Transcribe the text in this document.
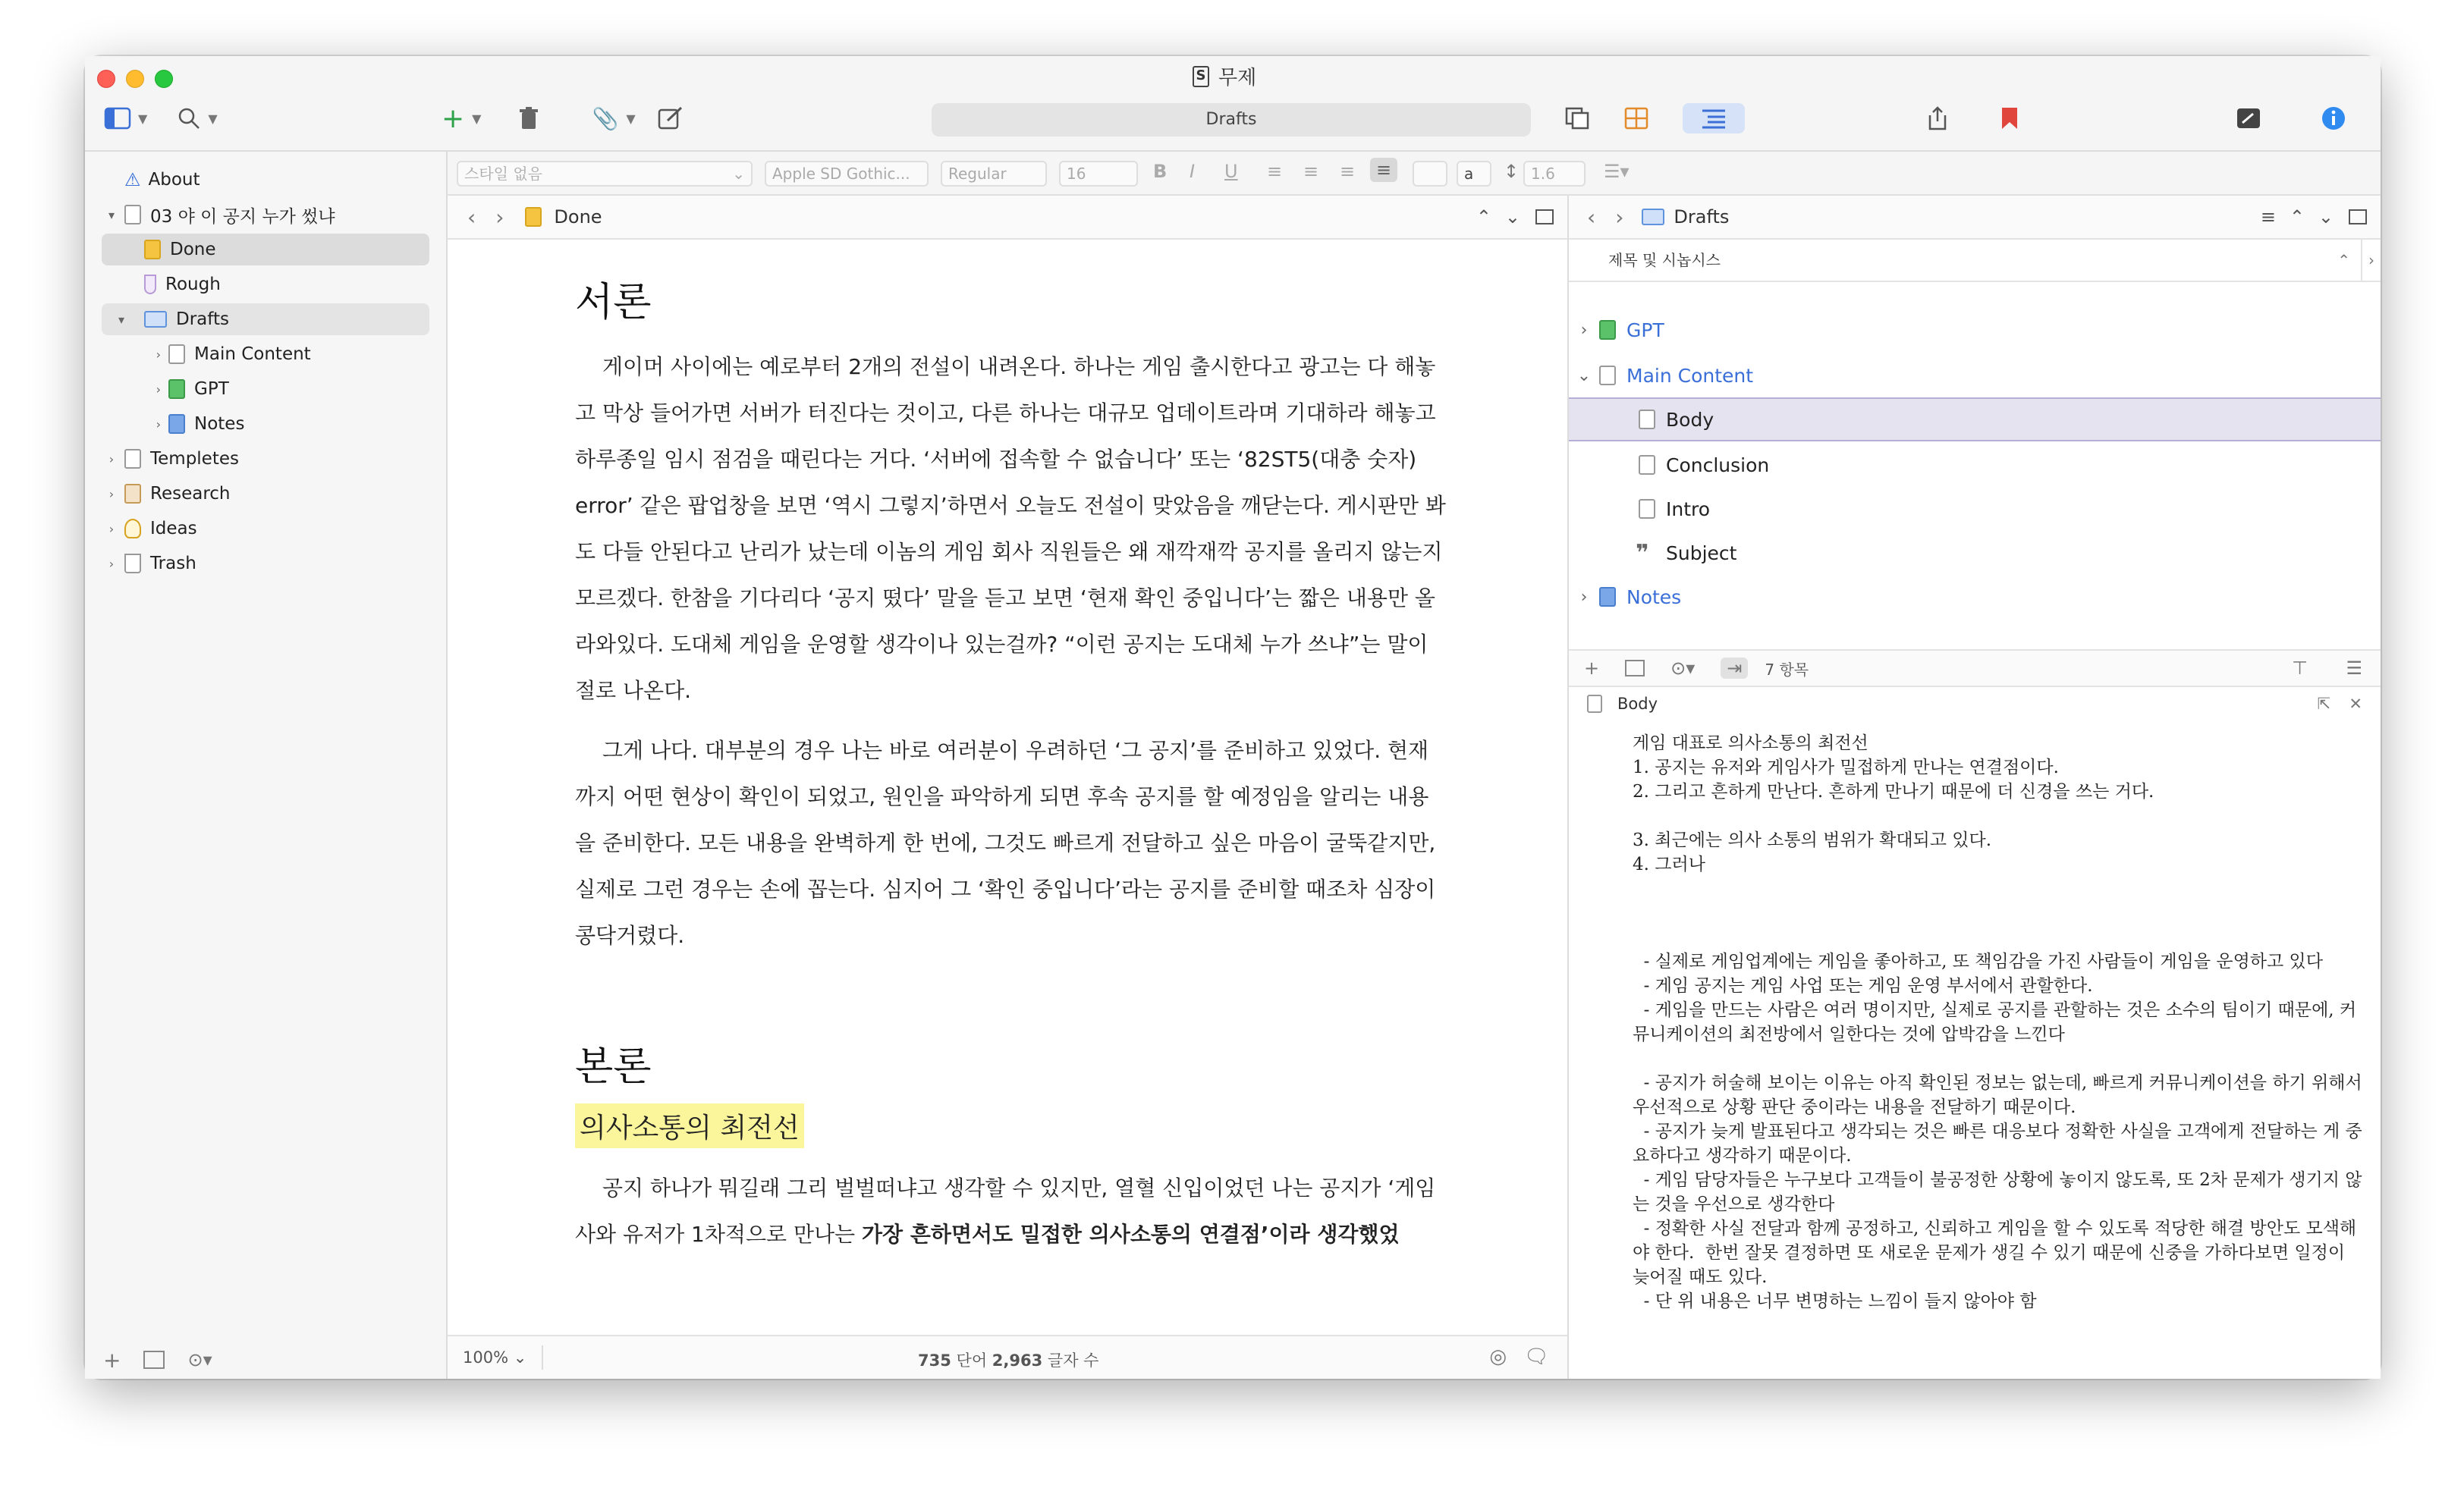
S 무제
▼	▼	+ ▼	📎 ▼	Drafts
⚠ About
▾	03 야 이 공지 누가 썼냐
Done
Rough
▾	Drafts
› Main Content
› GPT
› Notes
›	Templetes
›	Research
›	Ideas
›	Trash
+	⊙▾
스타일 없음	⌄	Apple SD Gothic...	Regular	16	B I U ≡ ≡ ≡	≡	a	↕ 1.6	☰▾
‹ ›	Done	⌃ ⌄
서론

게이머 사이에는 예로부터 2개의 전설이 내려온다. 하나는 게임 출시한다고 광고는 다 해놓고 막상 들어가면 서버가 터진다는 것이고, 다른 하나는 대규모 업데이트라며 기대하라 해놓고 하루종일 임시 점검을 때린다는 거다. ‘서버에 접속할 수 없습니다’ 또는 ‘82ST5(대충 숫자) error’ 같은 팝업창을 보면 ‘역시 그렇지’하면서 오늘도 전설이 맞았음을 깨닫는다. 게시판만 봐도 다들 안된다고 난리가 났는데 이놈의 게임 회사 직원들은 왜 재깍재깍 공지를 올리지 않는지 모르겠다. 한참을 기다리다 ‘공지 떴다’ 말을 듣고 보면 ‘현재 확인 중입니다’는 짧은 내용만 올라와있다. 도대체 게임을 운영할 생각이나 있는걸까? “이런 공지는 도대체 누가 쓰냐”는 말이 절로 나온다.

그게 나다. 대부분의 경우 나는 바로 여러분이 우려하던 ‘그 공지’를 준비하고 있었다. 현재까지 어떤 현상이 확인이 되었고, 원인을 파악하게 되면 후속 공지를 할 예정임을 알리는 내용을 준비한다. 모든 내용을 완벽하게 한 번에, 그것도 빠르게 전달하고 싶은 마음이 굴뚝같지만, 실제로 그런 경우는 손에 꼽는다. 심지어 그 ‘확인 중입니다’라는 공지를 준비할 때조차 심장이 콩닥거렸다.

본론
의사소통의 최전선

공지 하나가 뭐길래 그리 벌벌떠냐고 생각할 수 있지만, 열혈 신입이었던 나는 공지가 ‘게임사와 유저가 1차적으로 만나는 가장 흔하면서도 밀접한 의사소통의 연결점’이라 생각했었

100% ⌄	735 단어 2,963 글자 수	◎ 🗨
‹ ›	Drafts	≡ ⌃ ⌄
제목 및 시놉시스	⌃	›
›	GPT
⌄	Main Content
Body
Conclusion
Intro
❞ Subject
›	Notes
+	⊙▾	⇥	7 항목	⊤ ☰
Body	⇱ ✕
게임 대표로 의사소통의 최전선
1. 공지는 유저와 게임사가 밀접하게 만나는 연결점이다.
2. 그리고 흔하게 만난다. 흔하게 만나기 때문에 더 신경을 쓰는 거다.

3. 최근에는 의사 소통의 범위가 확대되고 있다.
4. 그러나

- 실제로 게임업계에는 게임을 좋아하고, 또 책임감을 가진 사람들이 게임을 운영하고 있다
- 게임 공지는 게임 사업 또는 게임 운영 부서에서 관할한다.
- 게임을 만드는 사람은 여러 명이지만, 실제로 공지를 관할하는 것은 소수의 팀이기 때문에, 커뮤니케이션의 최전방에서 일한다는 것에 압박감을 느낀다

- 공지가 허술해 보이는 이유는 아직 확인된 정보는 없는데, 빠르게 커뮤니케이션을 하기 위해서 우선적으로 상황 판단 중이라는 내용을 전달하기 때문이다.
- 공지가 늦게 발표된다고 생각되는 것은 빠른 대응보다 정확한 사실을 고객에게 전달하는 게 중요하다고 생각하기 때문이다.
- 게임 담당자들은 누구보다 고객들이 불공정한 상황에 놓이지 않도록, 또 2차 문제가 생기지 않는 것을 우선으로 생각한다
- 정확한 사실 전달과 함께 공정하고, 신뢰하고 게임을 할 수 있도록 적당한 해결 방안도 모색해야 한다.  한번 잘못 결정하면 또 새로운 문제가 생길 수 있기 때문에 신중을 가하다보면 일정이 늦어질 때도 있다.
- 단 위 내용은 너무 변명하는 느낌이 들지 않아야 함
